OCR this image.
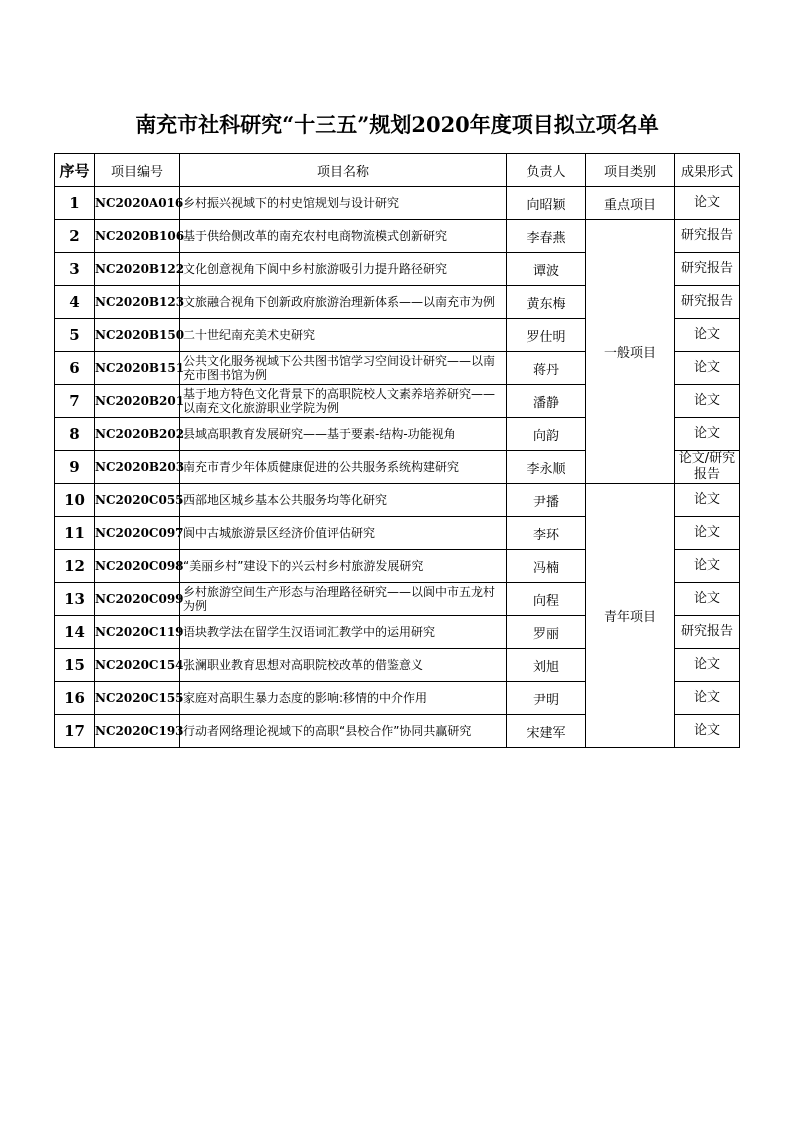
南充市社科研究“十三五”规划2020年度项目拟立项名单
序号	项目编号	项目名称	负责人	项目类别	成果形式
1	NC2020A016	乡村振兴视域下的村史馆规划与设计研究	向昭颖	重点项目	论文
2	NC2020B106	基于供给侧改革的南充农村电商物流模式创新研究	李春燕	一般项目	研究报告
3	NC2020B122	文化创意视角下阆中乡村旅游吸引力提升路径研究	谭波		研究报告
4	NC2020B123	文旅融合视角下创新政府旅游治理新体系——以南充市为例	黄东梅		研究报告
5	NC2020B150	二十世纪南充美术史研究	罗仕明		论文
6	NC2020B151	公共文化服务视域下公共图书馆学习空间设计研究——以南充市图书馆为例	蒋丹		论文
7	NC2020B201	基于地方特色文化背景下的高职院校人文素养培养研究——以南充文化旅游职业学院为例	潘静		论文
8	NC2020B202	县域高职教育发展研究——基于要素-结构-功能视角	向韵		论文
9	NC2020B203	南充市青少年体质健康促进的公共服务系统构建研究	李永顺		论文/研究报告
10	NC2020C055	西部地区城乡基本公共服务均等化研究	尹播	青年项目	论文
11	NC2020C097	阆中古城旅游景区经济价值评估研究	李环		论文
12	NC2020C098	“美丽乡村”建设下的兴云村乡村旅游发展研究	冯楠		论文
13	NC2020C099	乡村旅游空间生产形态与治理路径研究——以阆中市五龙村为例	向程		论文
14	NC2020C119	语块教学法在留学生汉语词汇教学中的运用研究	罗丽		研究报告
15	NC2020C154	张澜职业教育思想对高职院校改革的借鉴意义	刘旭		论文
16	NC2020C155	家庭对高职生暴力态度的影响:移情的中介作用	尹明		论文
17	NC2020C193	行动者网络理论视域下的高职“县校合作”协同共赢研究	宋建军		论文
